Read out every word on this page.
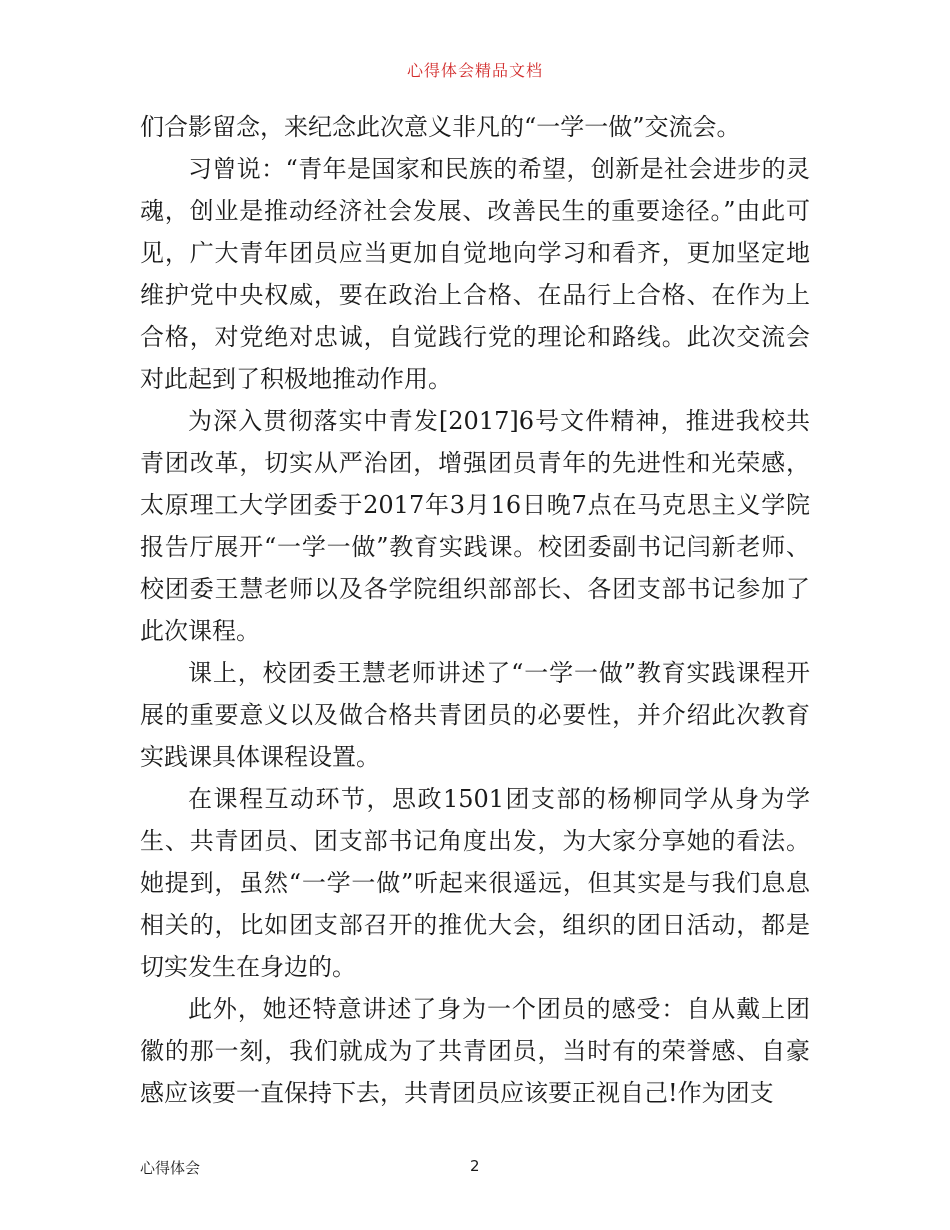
心得体会精品文档

们合影留念，来纪念此次意义非凡的“一学一做”交流会。

习曾说：“青年是国家和民族的希望，创新是社会进步的灵魂，创业是推动经济社会发展、改善民生的重要途径。”由此可见，广大青年团员应当更加自觉地向学习和看齐，更加坚定地维护党中央权威，要在政治上合格、在品行上合格、在作为上合格，对党绝对忠诚，自觉践行党的理论和路线。此次交流会对此起到了积极地推动作用。

为深入贯彻落实中青发[2017]6号文件精神，推进我校共青团改革，切实从严治团，增强团员青年的先进性和光荣感，太原理工大学团委于2017年3月16日晚7点在马克思主义学院报告厅展开“一学一做”教育实践课。校团委副书记闫新老师、校团委王慧老师以及各学院组织部部长、各团支部书记参加了此次课程。

课上，校团委王慧老师讲述了“一学一做”教育实践课程开展的重要意义以及做合格共青团员的必要性，并介绍此次教育实践课具体课程设置。

在课程互动环节，思政1501团支部的杨柳同学从身为学生、共青团员、团支部书记角度出发，为大家分享她的看法。她提到，虽然“一学一做”听起来很遥远，但其实是与我们息息相关的，比如团支部召开的推优大会，组织的团日活动，都是切实发生在身边的。

此外，她还特意讲述了身为一个团员的感受：自从戴上团徽的那一刻，我们就成为了共青团员，当时有的荣誉感、自豪感应该要一直保持下去，共青团员应该要正视自己!作为团支

心得体会	2
